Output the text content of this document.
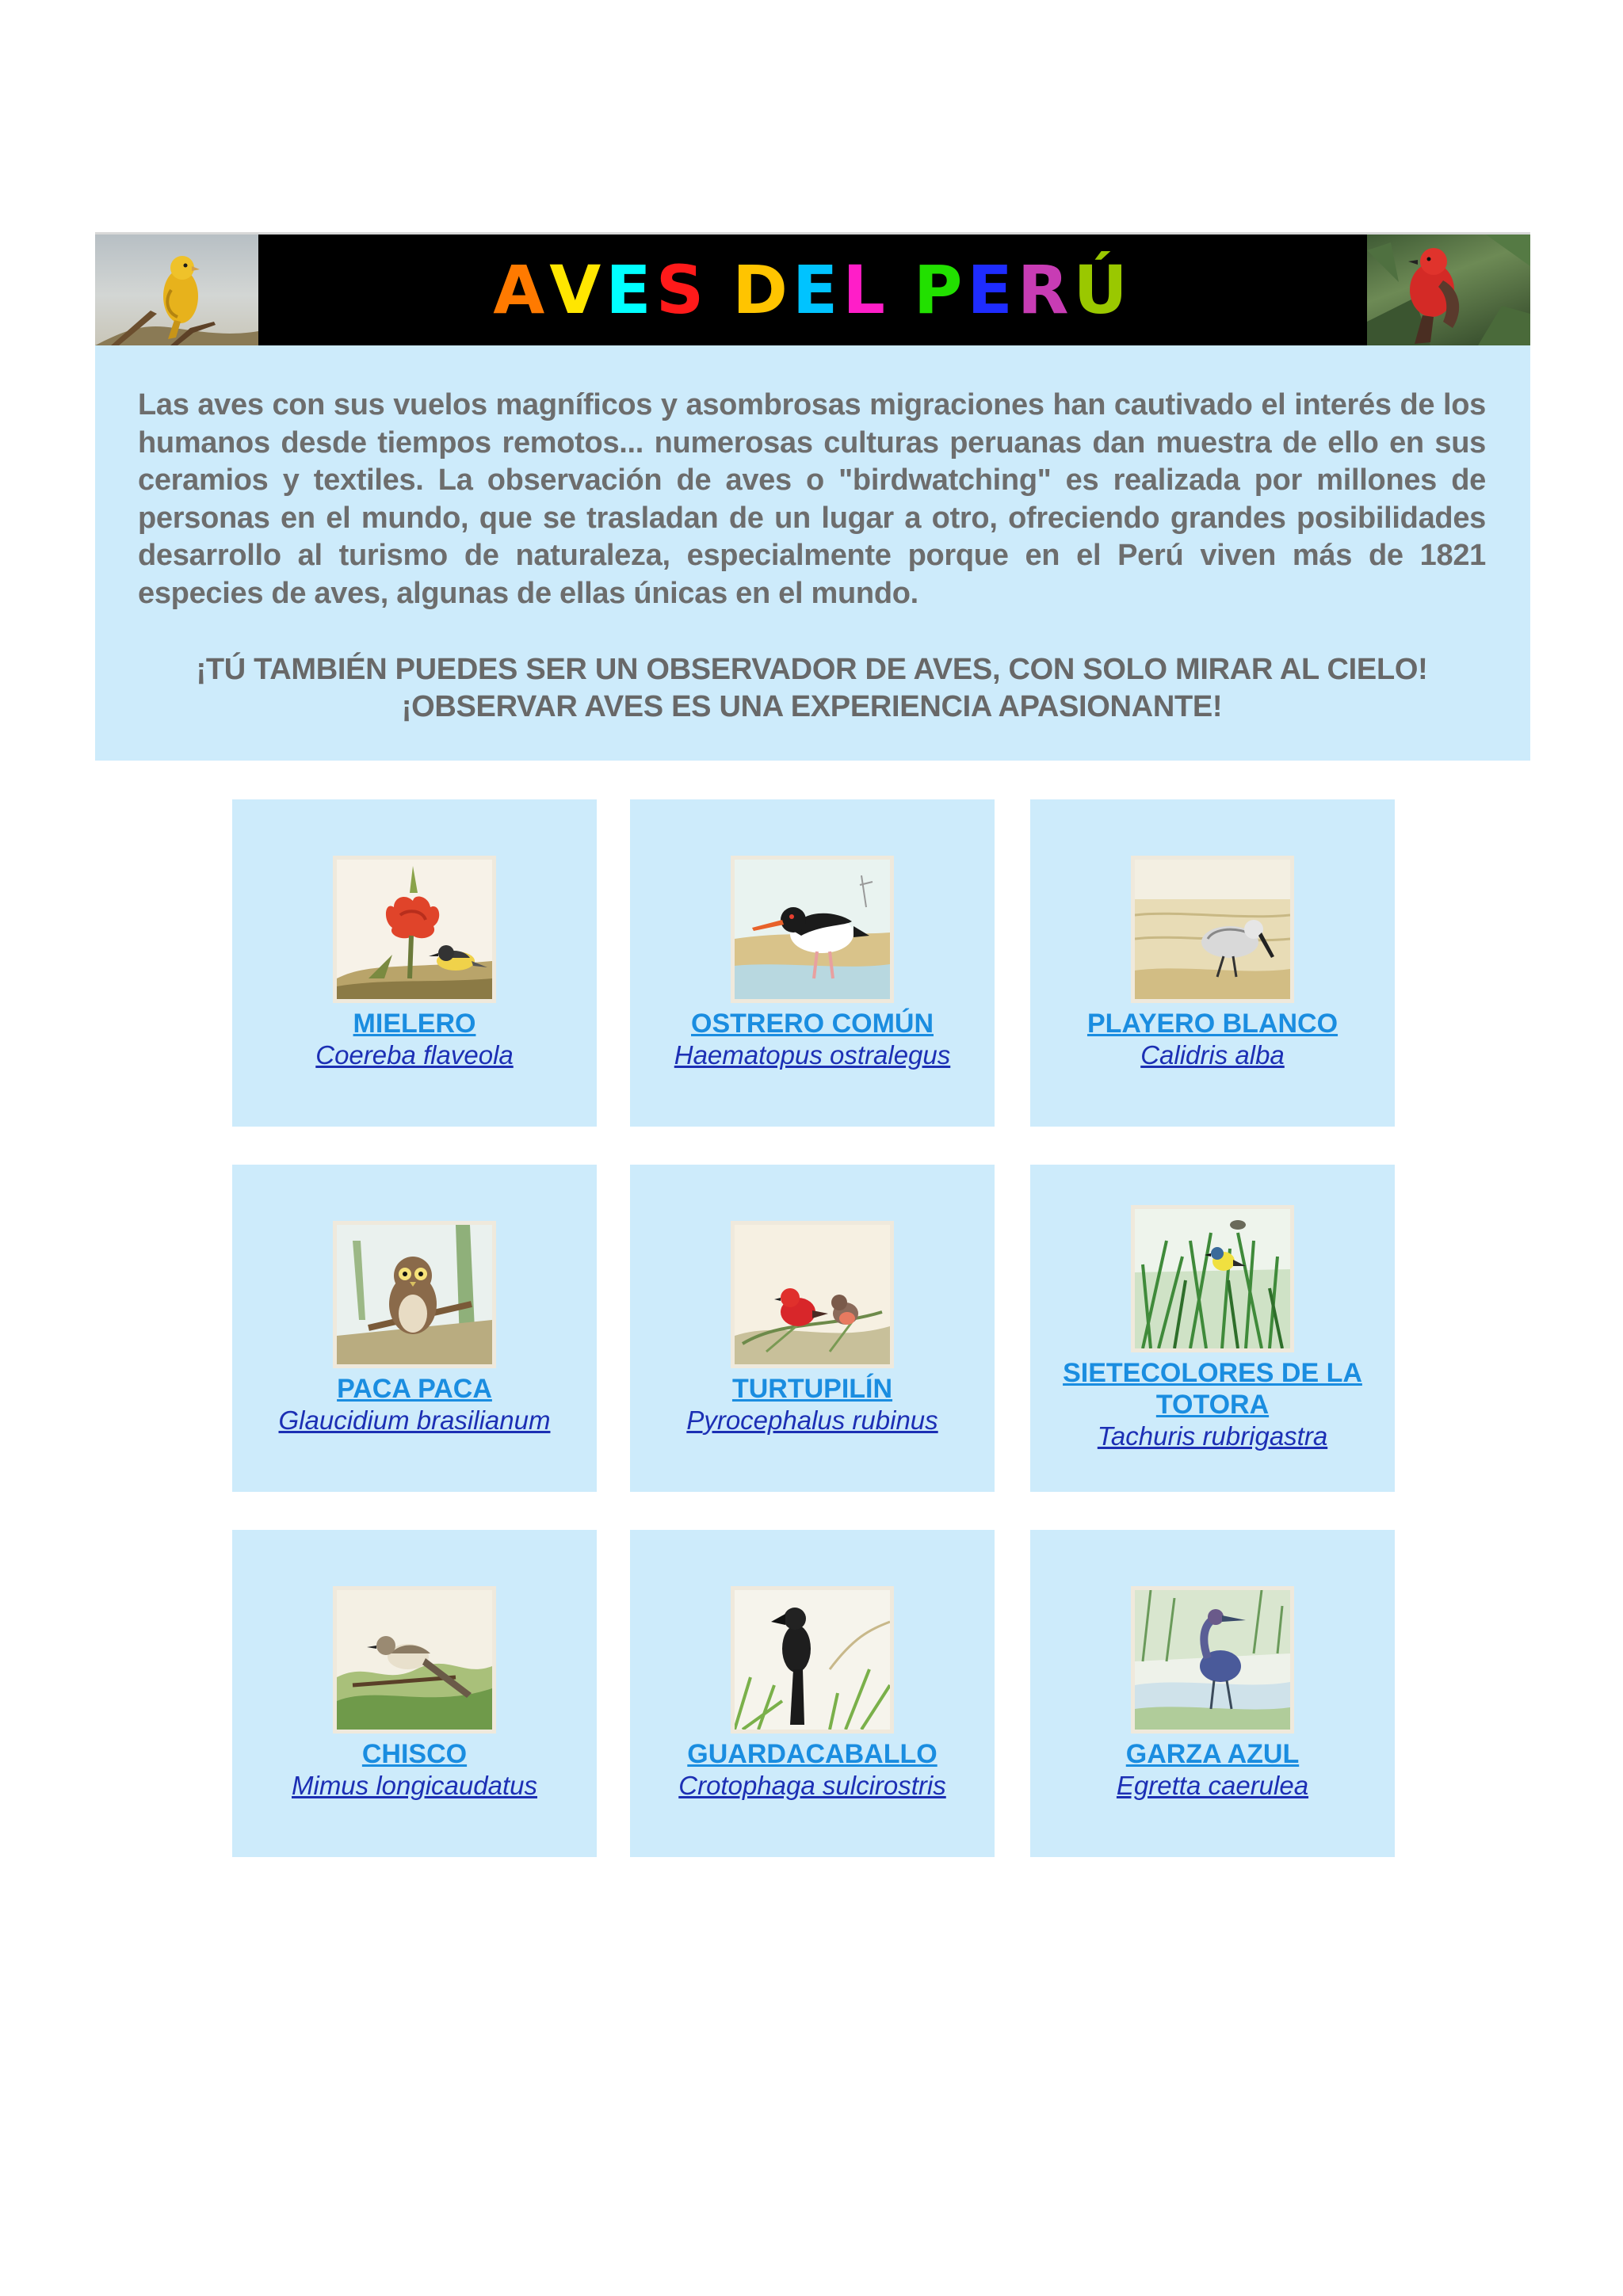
A V E S
D E L
P E R Ú

Las aves con sus vuelos magníficos y asombrosas migraciones han cautivado el interés de los humanos desde tiempos remotos... numerosas culturas peruanas dan muestra de ello en sus ceramios y textiles. La observación de aves o "birdwatching" es realizada por millones de personas en el mundo, que se trasladan de un lugar a otro, ofreciendo grandes posibilidades desarrollo al turismo de naturaleza, especialmente porque en el Perú viven más de 1821 especies de aves, algunas de ellas únicas en el mundo.

¡TÚ TAMBIÉN PUEDES SER UN OBSERVADOR DE AVES, CON SOLO MIRAR AL CIELO!
¡OBSERVAR AVES ES UNA EXPERIENCIA APASIONANTE!

MIELERO
Coereba flaveola
OSTRERO COMÚN
Haematopus ostralegus
PLAYERO BLANCO
Calidris alba
PACA PACA
Glaucidium brasilianum
TURTUPILÍN
Pyrocephalus rubinus
SIETECOLORES DE LA TOTORA
Tachuris rubrigastra
CHISCO
Mimus longicaudatus
GUARDACABALLO
Crotophaga sulcirostris
GARZA AZUL
Egretta caerulea
